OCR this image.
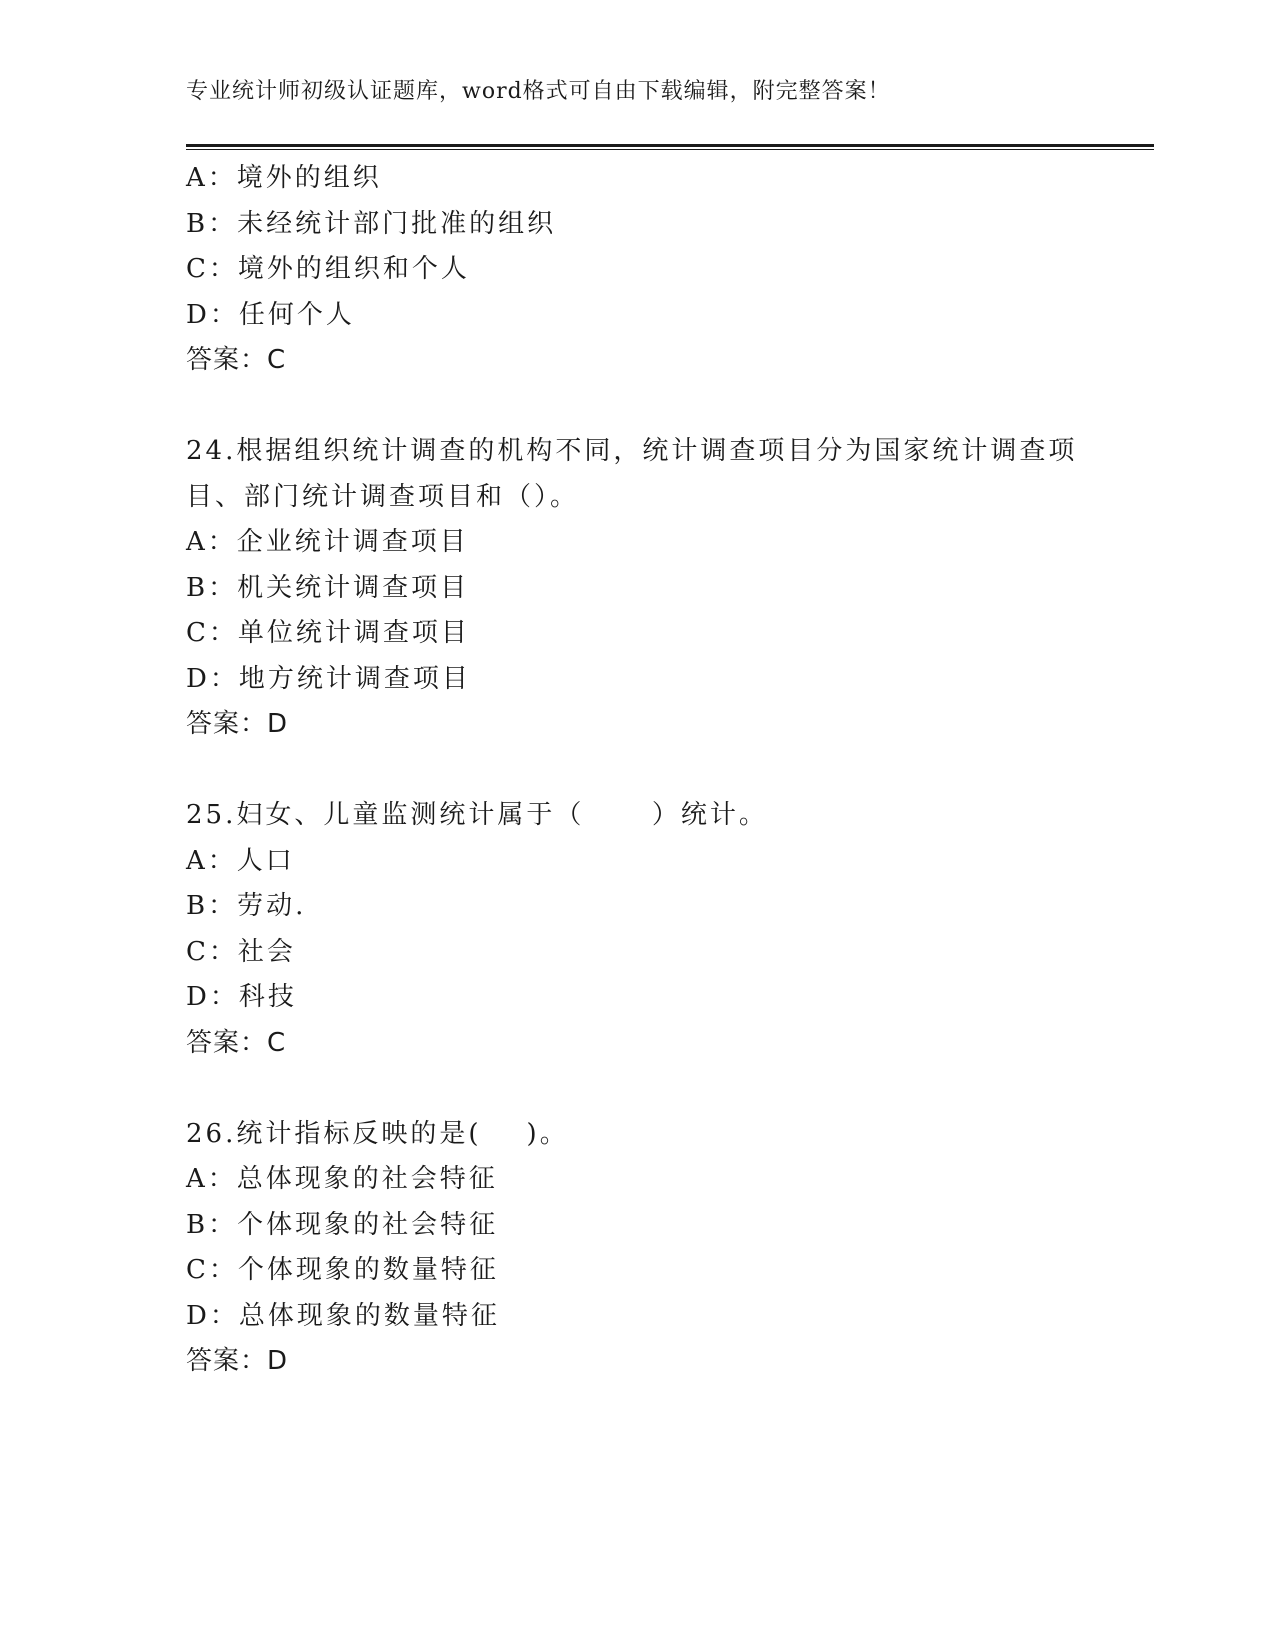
专业统计师初级认证题库，word格式可自由下载编辑，附完整答案！
A：境外的组织
B：未经统计部门批准的组织
C：境外的组织和个人
D：任何个人
答案：C
24.根据组织统计调查的机构不同，统计调查项目分为国家统计调查项
目、部门统计调查项目和（）。
A：企业统计调查项目
B：机关统计调查项目
C：单位统计调查项目
D：地方统计调查项目
答案：D
25.妇女、儿童监测统计属于（      ）统计。
A：人口
B：劳动.
C：社会
D：科技
答案：C
26.统计指标反映的是(    )。
A：总体现象的社会特征
B：个体现象的社会特征
C：个体现象的数量特征
D：总体现象的数量特征
答案：D
